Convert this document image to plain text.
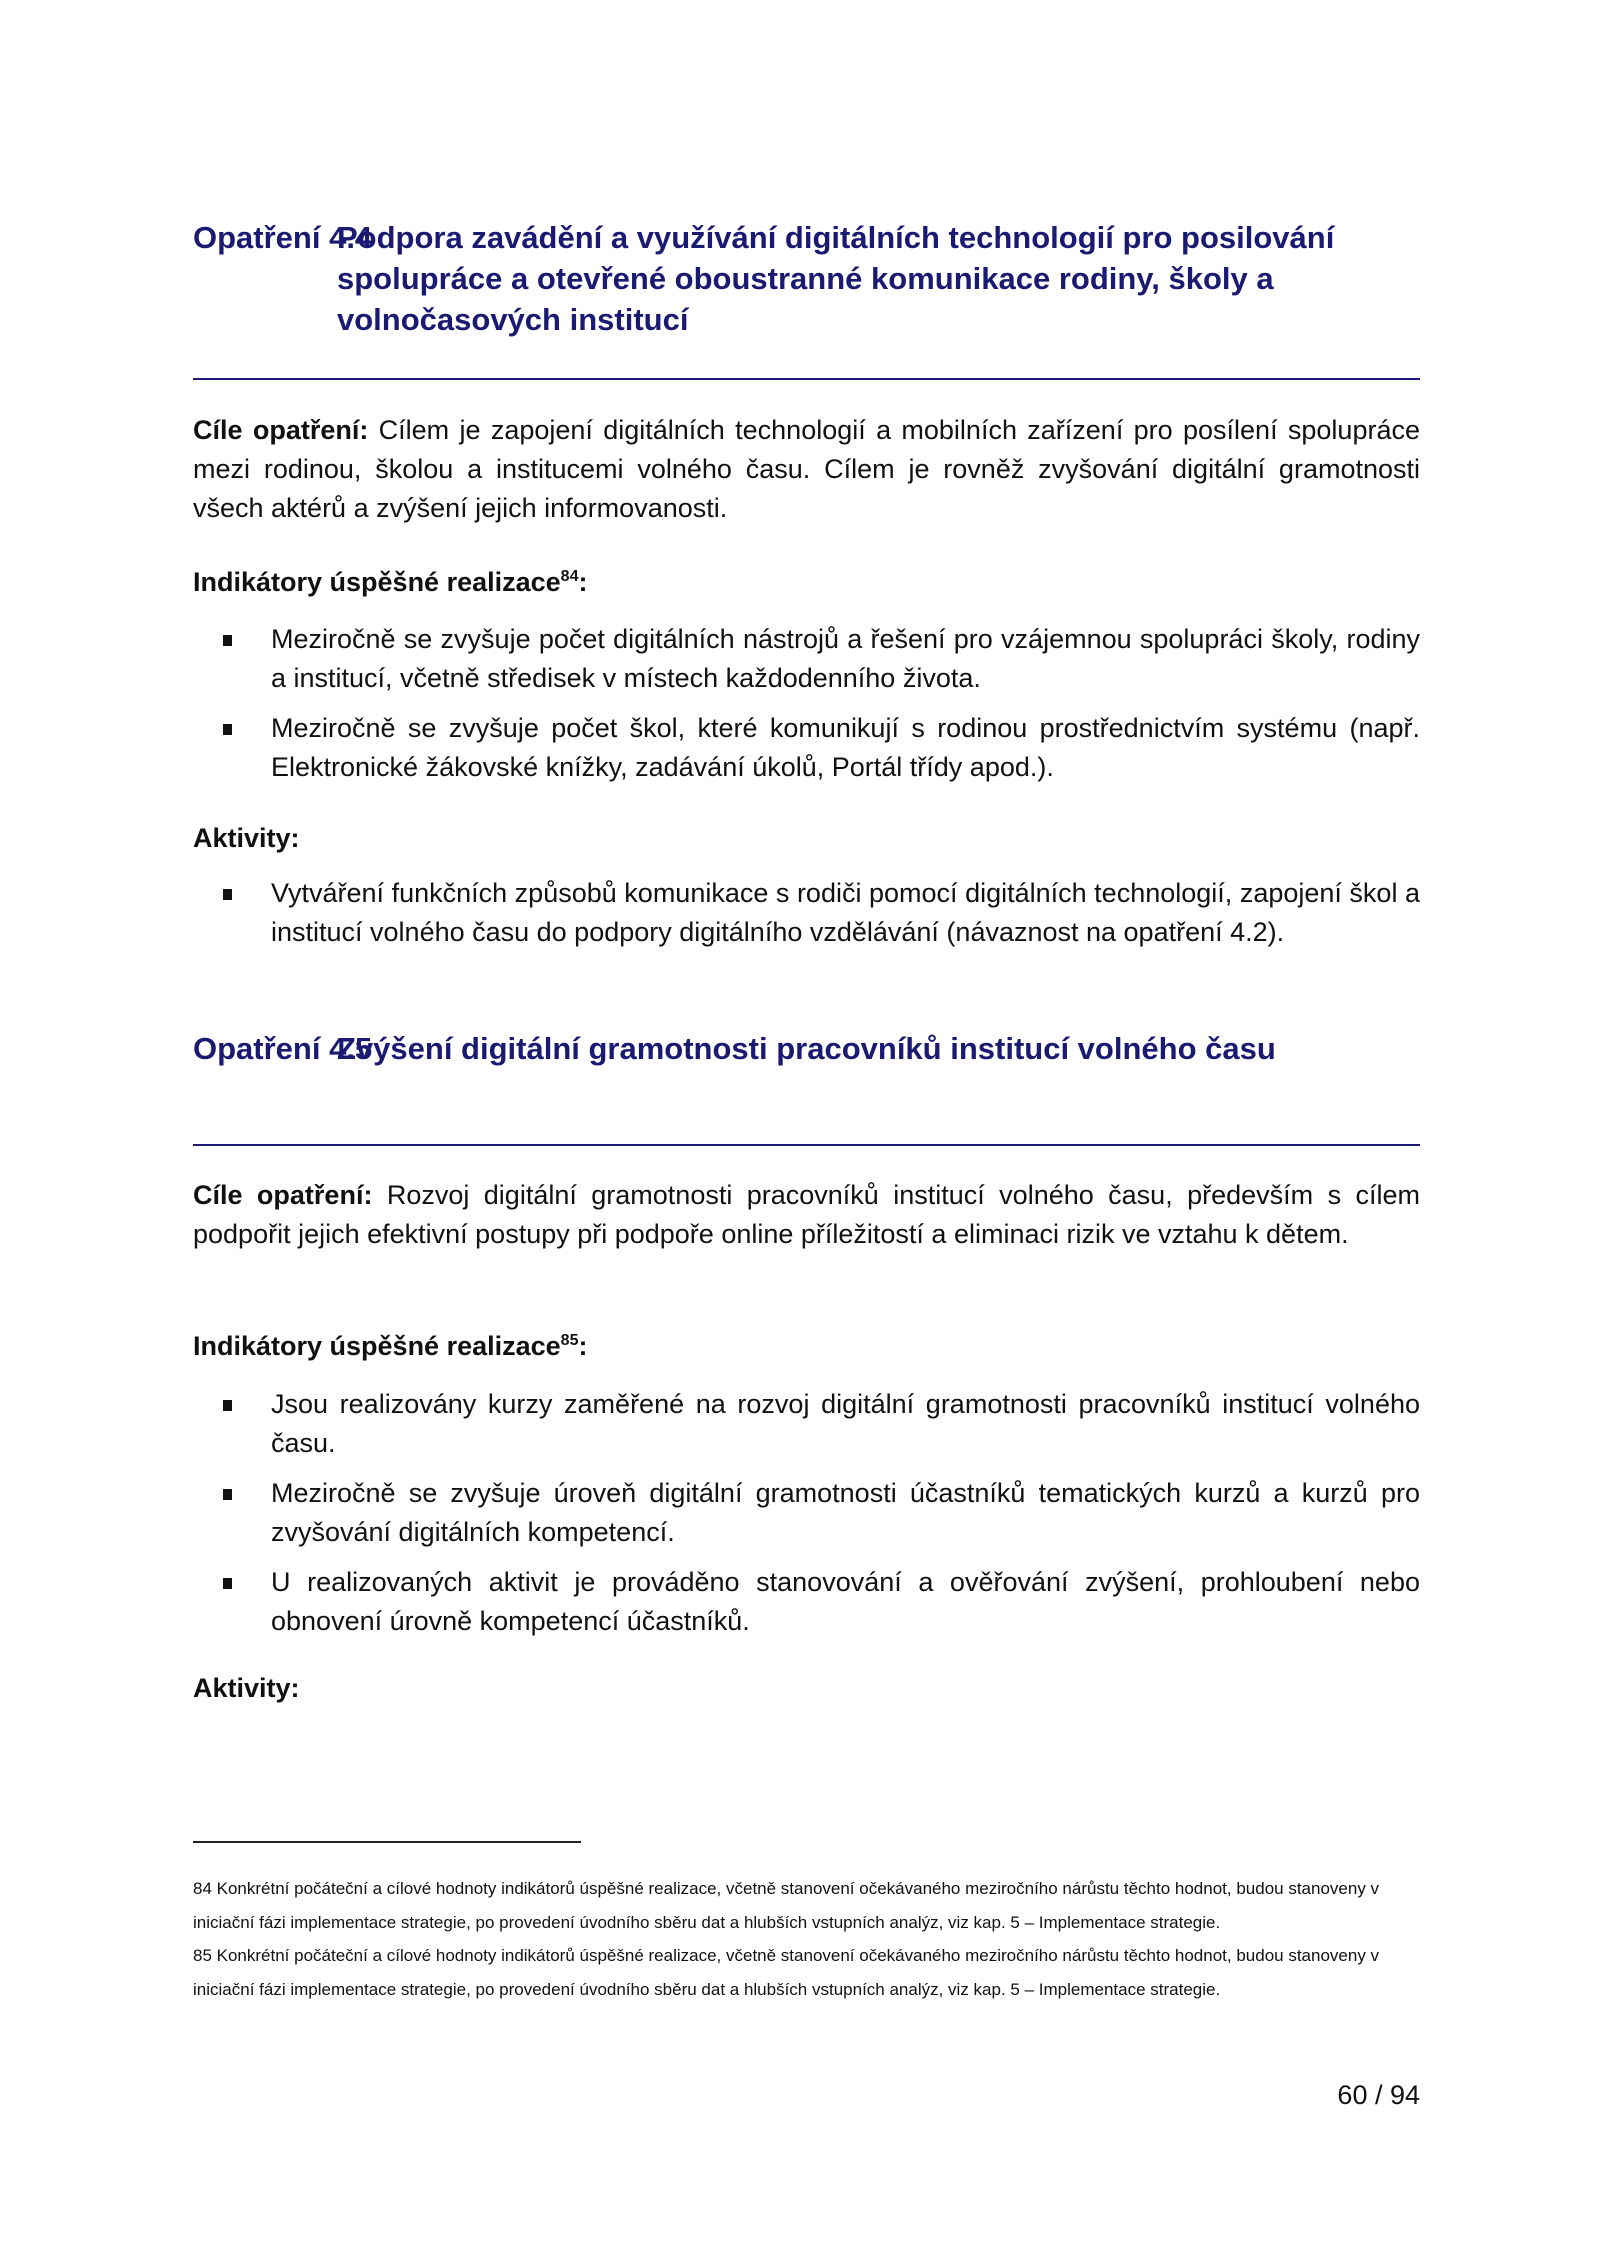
Opatření 4.4
Podpora zavádění a využívání digitálních technologií pro posilování spolupráce a otevřené oboustranné komunikace rodiny, školy a volnočasových institucí
Cíle opatření: Cílem je zapojení digitálních technologií a mobilních zařízení pro posílení spolupráce mezi rodinou, školou a institucemi volného času. Cílem je rovněž zvyšování digitální gramotnosti všech aktérů a zvýšení jejich informovanosti.
Indikátory úspěšné realizace$^{84}$:
Meziročně se zvyšuje počet digitálních nástrojů a řešení pro vzájemnou spolupráci školy, rodiny a institucí, včetně středisek v místech každodenního života.
Meziročně se zvyšuje počet škol, které komunikují s rodinou prostřednictvím systému (např. Elektronické žákovské knížky, zadávání úkolů, Portál třídy apod.).
Aktivity:
Vytváření funkčních způsobů komunikace s rodiči pomocí digitálních technologií, zapojení škol a institucí volného času do podpory digitálního vzdělávání (návaznost na opatření 4.2).
Opatření 4.5
Zvýšení digitální gramotnosti pracovníků institucí volného času
Cíle opatření: Rozvoj digitální gramotnosti pracovníků institucí volného času, především s cílem podpořit jejich efektivní postupy při podpoře online příležitostí a eliminaci rizik ve vztahu k dětem.
Indikátory úspěšné realizace$^{85}$:
Jsou realizovány kurzy zaměřené na rozvoj digitální gramotnosti pracovníků institucí volného času.
Meziročně se zvyšuje úroveň digitální gramotnosti účastníků tematických kurzů a kurzů pro zvyšování digitálních kompetencí.
U realizovaných aktivit je prováděno stanovování a ověřování zvýšení, prohloubení nebo obnovení úrovně kompetencí účastníků.
Aktivity:

84 Konkrétní počáteční a cílové hodnoty indikátorů úspěšné realizace, včetně stanovení očekávaného meziročního nárůstu těchto hodnot, budou stanoveny v iniciační fázi implementace strategie, po provedení úvodního sběru dat a hlubších vstupních analýz, viz kap. 5 – Implementace strategie.

85 Konkrétní počáteční a cílové hodnoty indikátorů úspěšné realizace, včetně stanovení očekávaného meziročního nárůstu těchto hodnot, budou stanoveny v iniciační fázi implementace strategie, po provedení úvodního sběru dat a hlubších vstupních analýz, viz kap. 5 – Implementace strategie.

60 / 94
